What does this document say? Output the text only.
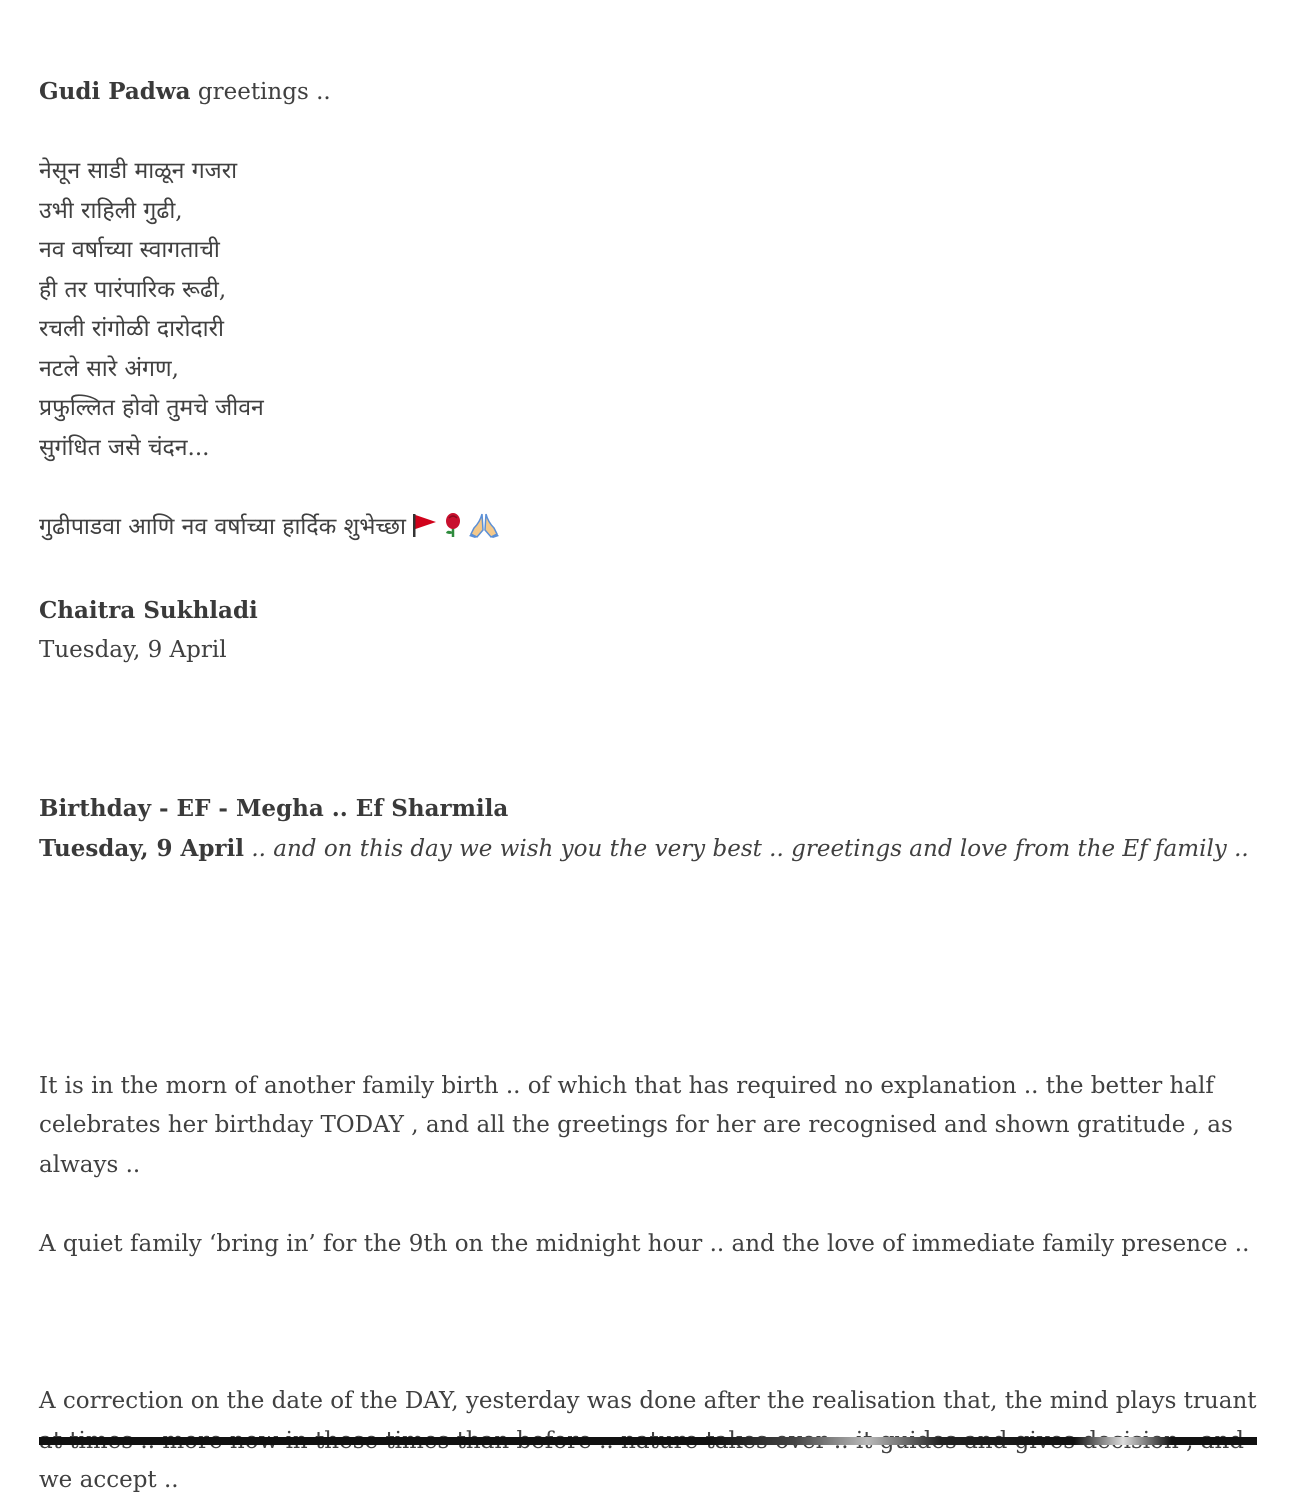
Gudi Padwa greetings ..

नेसून साडी माळून गजरा

उभी राहिली गुढी,

नव वर्षाच्या स्वागताची

ही तर पारंपारिक रूढी,

रचली रांगोळी दारोदारी

नटले सारे अंगण,

प्रफुल्लित होवो तुमचे जीवन

सुगंधित जसे चंदन...

गुढीपाडवा आणि नव वर्षाच्या हार्दिक शुभेच्छा

Chaitra Sukhladi

Tuesday, 9 April

Birthday - EF - Megha .. Ef Sharmila

Tuesday, 9 April .. and on this day we wish you the very best .. greetings and love from the Ef family ..

It is in the morn of another family birth .. of which that has required no explanation .. the better half celebrates her birthday TODAY , and all the greetings for her are recognised and shown gratitude , as always ..

A quiet family ‘bring in’ for the 9th on the midnight hour .. and the love of immediate family presence ..

A correction on the date of the DAY, yesterday was done after the realisation that, the mind plays truant we accept ..
